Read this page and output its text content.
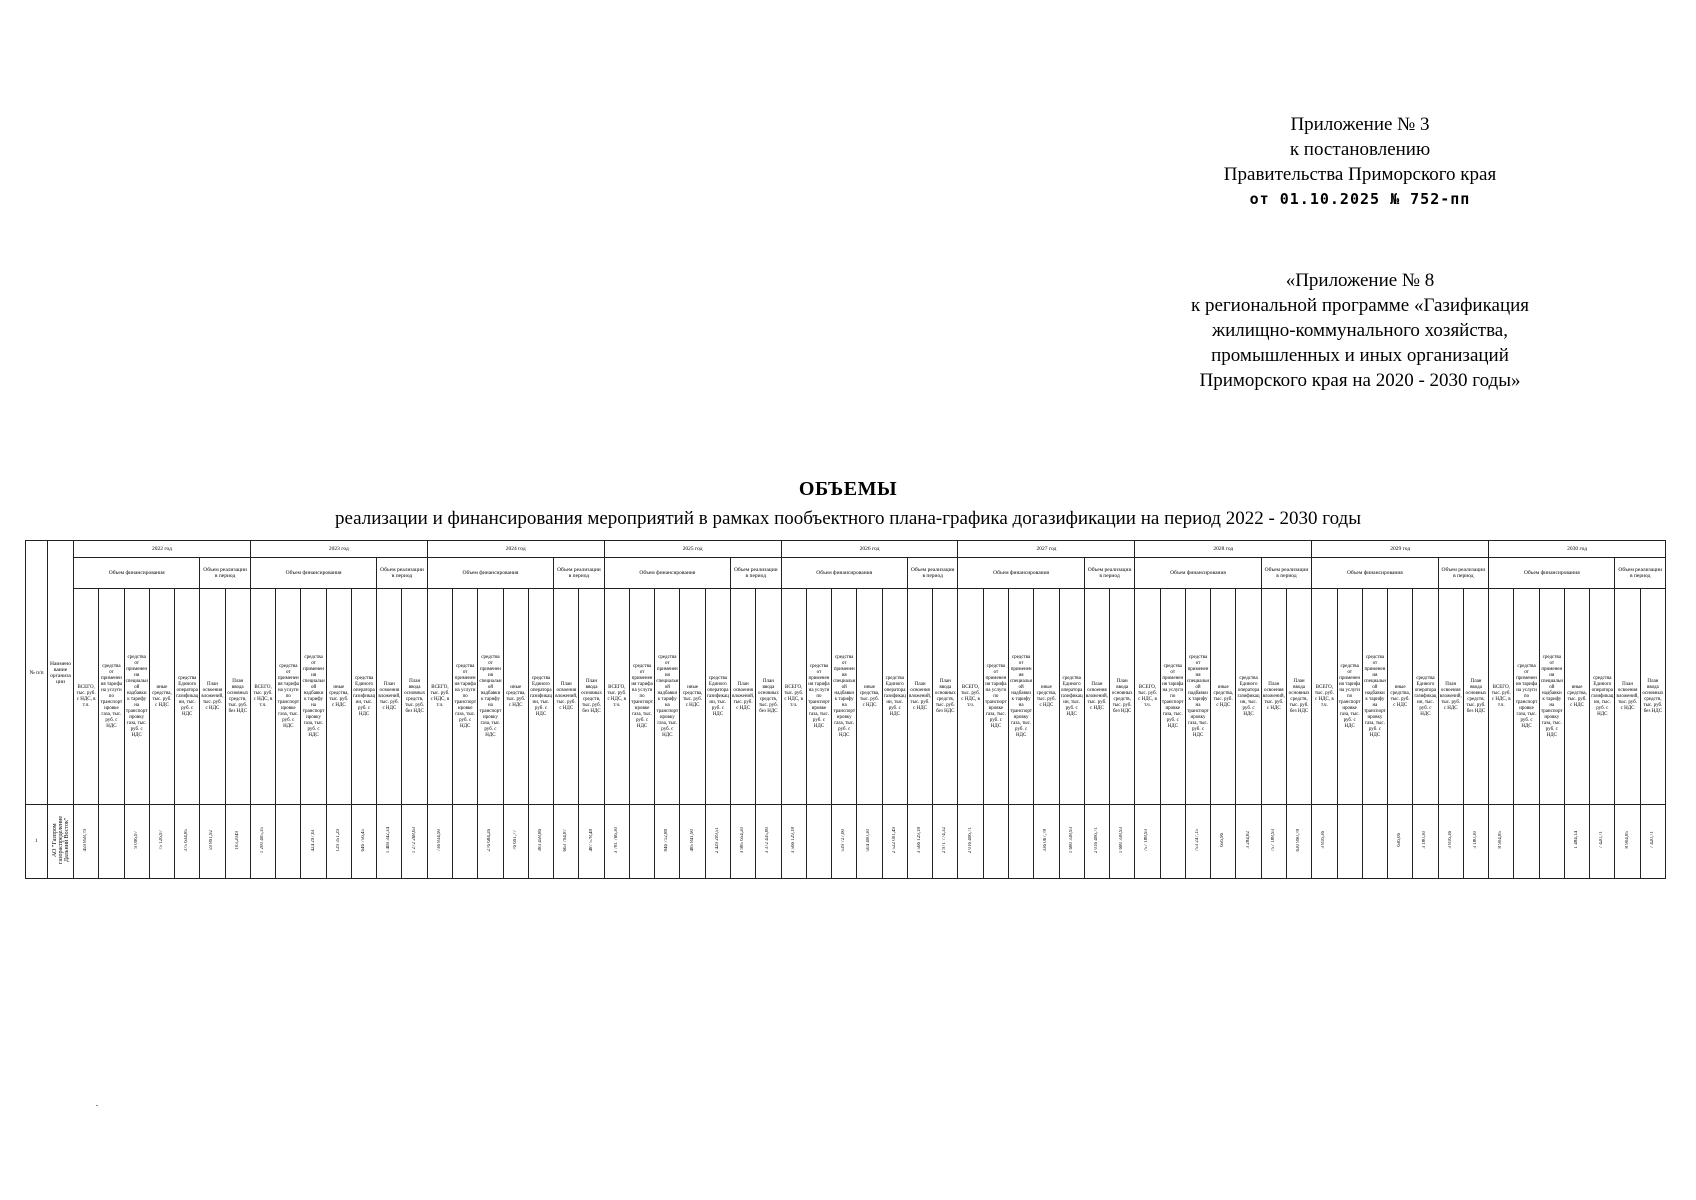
Приложение № 3
к постановлению
Правительства Приморского края
от 01.10.2025 № 752-пп
«Приложение № 8
к региональной программе «Газификация
жилищно-коммунального хозяйства,
промышленных и иных организаций
Приморского края на 2020 - 2030 годы»
ОБЪЕМЫ
реализации и финансирования мероприятий в рамках пообъектного плана-графика догазификации на период 2022 - 2030 годы
№ п/п	Наименование организации	2022 год	2023 год	2024 год	2025 год	2026 год	2027 год	2028 год	2029 год	2030 год
Объем финансирования	Объем реализации в период	Объем финансирования	Объем реализации в период	Объем финансирования	Объем реализации в период	Объем финансирования	Объем реализации в период	Объем финансирования	Объем реализации в период	Объем финансирования	Объем реализации в период	Объем финансирования	Объем реализации в период	Объем финансирования	Объем реализации в период	Объем финансирования	Объем реализации в период
ВСЕГО, тыс. руб. с НДС, в т.ч.	средства от применения тарифа на услуги по транспортировке газа, тыс. руб. с НДС	средства от применения специальной надбавки к тарифу на транспортировку газа, тыс. руб. с НДС	иные средства, тыс. руб. с НДС	средства Единого оператора газификации, тыс. руб. с НДС	План освоения вложений, тыс. руб. с НДС	План ввода основных средств, тыс. руб. без НДС	ВСЕГО, тыс. руб. с НДС, в т.ч.	средства от применения тарифа на услуги по транспортировке газа, тыс. руб. с НДС	средства от применения специальной надбавки к тарифу на транспортировку газа, тыс. руб. с НДС	иные средства, тыс. руб. с НДС	средства Единого оператора газификации, тыс. руб. с НДС	План освоения вложений, тыс. руб. с НДС	План ввода основных средств, тыс. руб. без НДС	ВСЕГО, тыс. руб. с НДС, в т.ч.	средства от применения тарифа на услуги по транспортировке газа, тыс. руб. с НДС	средства от применения специальной надбавки к тарифу на транспортировку газа, тыс. руб. с НДС	иные средства, тыс. руб. с НДС	средства Единого оператора газификации, тыс. руб. с НДС	План освоения вложений, тыс. руб. с НДС	План ввода основных средств, тыс. руб. без НДС	ВСЕГО, тыс. руб. с НДС, в т.ч.	средства от применения тарифа на услуги по транспортировке газа, тыс. руб. с НДС	средства от применения специальной надбавки к тарифу на транспортировку газа, тыс. руб. с НДС	иные средства, тыс. руб. с НДС	средства Единого оператора газификации, тыс. руб. с НДС	План освоения вложений, тыс. руб. с НДС	План ввода основных средств, тыс. руб. без НДС	ВСЕГО, тыс. руб. с НДС, в т.ч.	средства от применения тарифа на услуги по транспортировке газа, тыс. руб. с НДС	средства от применения специальной надбавки к тарифу на транспортировку газа, тыс. руб. с НДС	иные средства, тыс. руб. с НДС	средства Единого оператора газификации, тыс. руб. с НДС	План освоения вложений, тыс. руб. с НДС	План ввода основных средств, тыс. руб. без НДС	ВСЕГО, тыс. руб. с НДС, в т.ч.	средства от применения тарифа на услуги по транспортировке газа, тыс. руб. с НДС	средства от применения специальной надбавки к тарифу на транспортировку газа, тыс. руб. с НДС	иные средства, тыс. руб. с НДС	средства Единого оператора газификации, тыс. руб. с НДС	План освоения вложений, тыс. руб. с НДС	План ввода основных средств, тыс. руб. без НДС	ВСЕГО, тыс. руб. с НДС, в т.ч.	средства от применения тарифа на услуги по транспортировке газа, тыс. руб. с НДС	средства от применения специальной надбавки к тарифу на транспортировку газа, тыс. руб. с НДС	иные средства, тыс. руб. с НДС	средства Единого оператора газификации, тыс. руб. с НДС	План освоения вложений, тыс. руб. с НДС	План ввода основных средств, тыс. руб. без НДС	ВСЕГО, тыс. руб. с НДС, в т.ч.	средства от применения тарифа на услуги по транспортировке газа, тыс. руб. с НДС	средства от применения специальной надбавки к тарифу на транспортировку газа, тыс. руб. с НДС	иные средства, тыс. руб. с НДС	средства Единого оператора газификации, тыс. руб. с НДС	План освоения вложений, тыс. руб. с НДС	План ввода основных средств, тыс. руб. без НДС	ВСЕГО, тыс. руб. с НДС, в т.ч.	средства от применения тарифа на услуги по транспортировке газа, тыс. руб. с НДС	средства от применения специальной надбавки к тарифу на транспортировку газа, тыс. руб. с НДС	иные средства, тыс. руб. с НДС	средства Единого оператора газификации, тыс. руб. с НДС	План освоения вложений, тыс. руб. с НДС	План ввода основных средств, тыс. руб. без НДС
1	АО "Газпром газораспределение Дальний Восток"	459 858,79		9 096,97	75 126,97	375 634,85	59 891,92	103,2049	1 200 405,35		424 297,61	129 351,29	646 756,45	1 469 342,34	1 272 268,63	736 834,90		276 684,26	76 691,77	383 458,86	663 794,87	487 578,48	3 781 766,30		846 712,88	485 841,90	2 429 209,51	3 985 654,20	3 372 435,80	3 566 129,18		539 727,60	504 400,30	2 522 001,49	3 566 129,18	2 971 774,32	2 016 406,71			336 067,78	1 680 338,93	2 016 406,71	1 680 338,93	757 188,93		753 247,15	656,96	3 284,82	757 188,93	630 990,78	3 816,36			636,06	3 180,30	3 816,36	3 180,30	8 904,85			1 484,14	7 420,71	8 904,85	7 420,71
